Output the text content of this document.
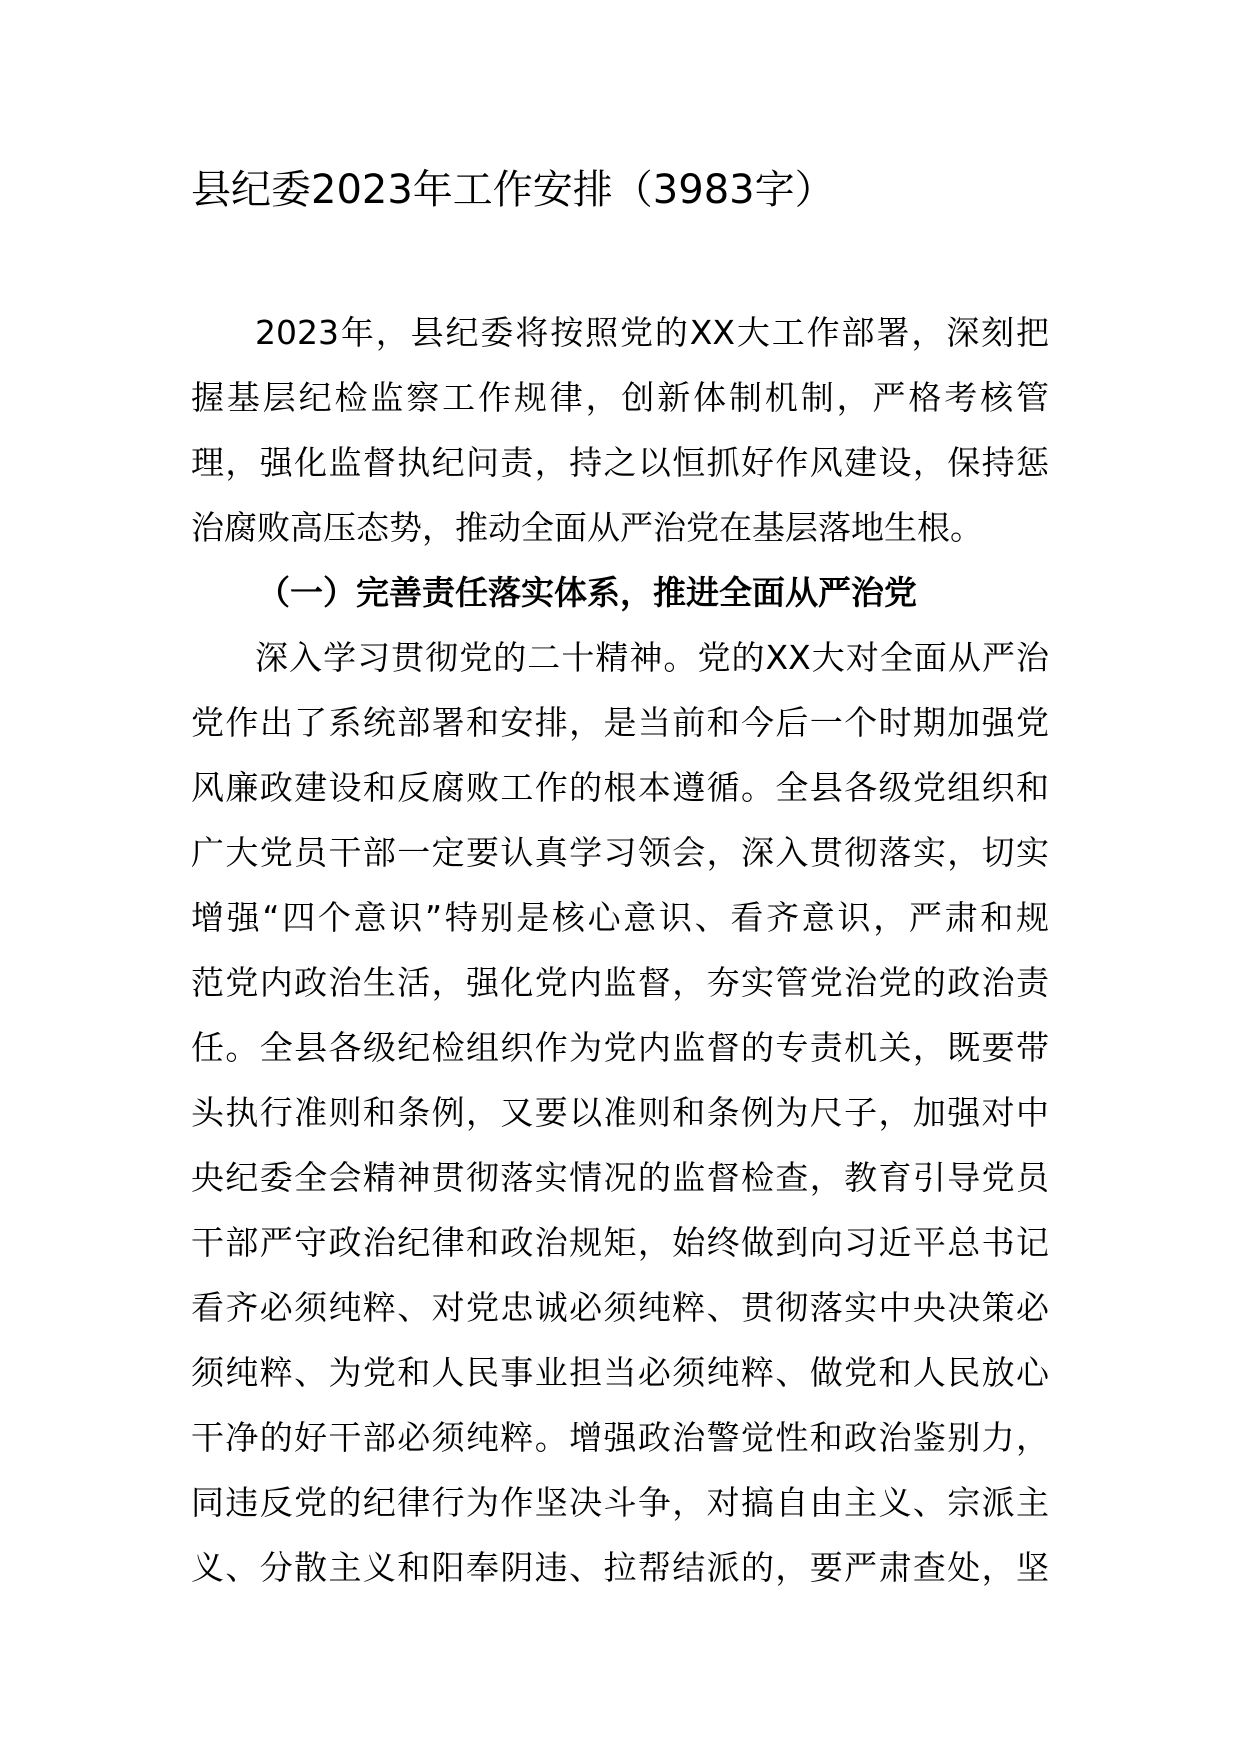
县纪委2023年工作安排（3983字）
2023年，县纪委将按照党的XX大工作部署，深刻把
握基层纪检监察工作规律，创新体制机制，严格考核管
理，强化监督执纪问责，持之以恒抓好作风建设，保持惩
治腐败高压态势，推动全面从严治党在基层落地生根。
（一）完善责任落实体系，推进全面从严治党
深入学习贯彻党的二十精神。党的XX大对全面从严治
党作出了系统部署和安排，是当前和今后一个时期加强党
风廉政建设和反腐败工作的根本遵循。全县各级党组织和
广大党员干部一定要认真学习领会，深入贯彻落实，切实
增强“四个意识”特别是核心意识、看齐意识，严肃和规
范党内政治生活，强化党内监督，夯实管党治党的政治责
任。全县各级纪检组织作为党内监督的专责机关，既要带
头执行准则和条例，又要以准则和条例为尺子，加强对中
央纪委全会精神贯彻落实情况的监督检查，教育引导党员
干部严守政治纪律和政治规矩，始终做到向习近平总书记
看齐必须纯粹、对党忠诚必须纯粹、贯彻落实中央决策必
须纯粹、为党和人民事业担当必须纯粹、做党和人民放心
干净的好干部必须纯粹。增强政治警觉性和政治鉴别力，
同违反党的纪律行为作坚决斗争，对搞自由主义、宗派主
义、分散主义和阳奉阴违、拉帮结派的，要严肃查处，坚
